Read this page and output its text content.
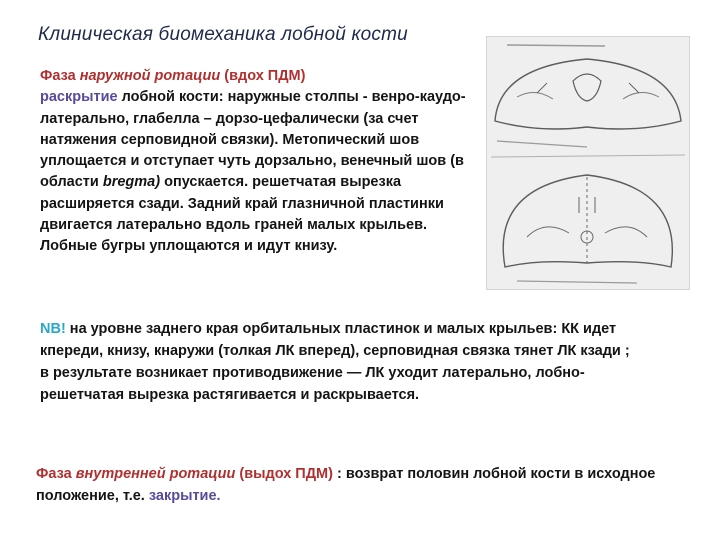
Клиническая биомеханика лобной кости
Фаза наружной ротации (вдох ПДМ)
раскрытие лобной кости: наружные столпы - венро-каудо-латерально, глабелла – дорзо-цефалически (за счет натяжения серповидной связки). Метопический шов уплощается и отступает чуть дорзально, венечный шов (в области bregma) опускается. решетчатая вырезка расширяется сзади. Задний край глазничной пластинки двигается латерально вдоль граней малых крыльев. Лобные бугры уплощаются и идут книзу.
NB! на уровне заднего края орбитальных пластинок и малых крыльев: КК идет кпереди, книзу, кнаружи (толкая ЛК вперед), серповидная связка тянет ЛК кзади ; в результате возникает противодвижение — ЛК уходит латерально, лобно-решетчатая вырезка растягивается и раскрывается.
Фаза внутренней ротации (выдох ПДМ) : возврат половин лобной кости в исходное положение, т.е. закрытие.
